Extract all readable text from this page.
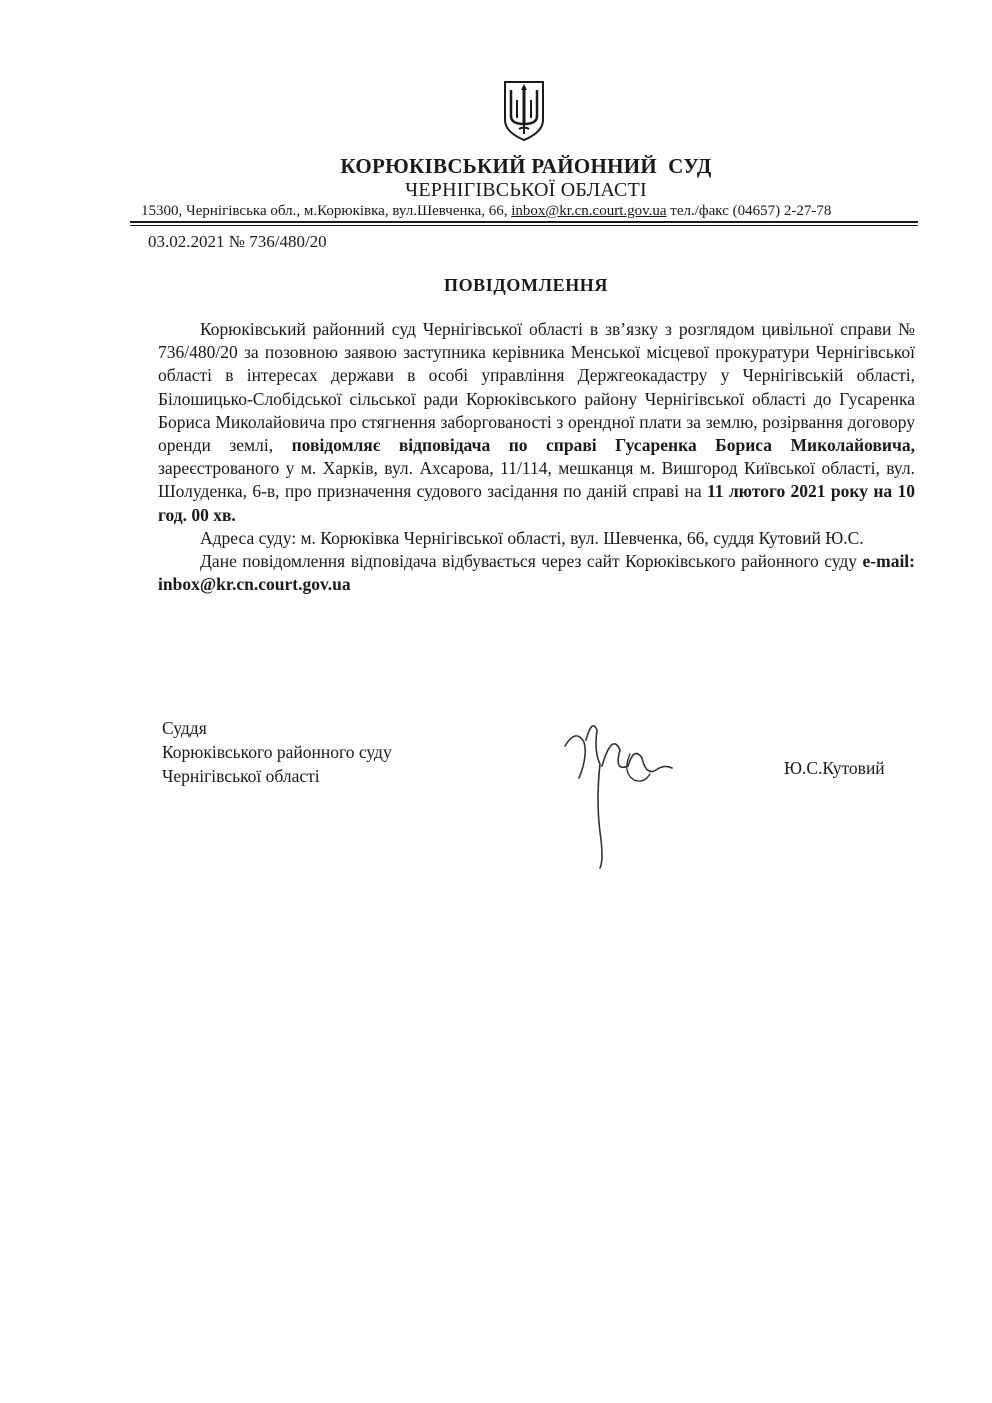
КОРЮКІВСЬКИЙ РАЙОННИЙ  СУД
ЧЕРНІГІВСЬКОЇ ОБЛАСТІ
15300, Чернігівська обл., м.Корюківка, вул.Шевченка, 66, inbox@kr.cn.court.gov.ua тел./факс (04657) 2-27-78
03.02.2021 № 736/480/20
ПОВІДОМЛЕННЯ

Корюківський районний суд Чернігівської області в зв’язку з розглядом цивільної справи № 736/480/20 за позовною заявою заступника керівника Менської місцевої прокуратури Чернігівської області в інтересах держави в особі управління Держгеокадастру у Чернігівській області, Білошицько-Слобідської сільської ради Корюківського району Чернігівської області до Гусаренка Бориса Миколайовича про стягнення заборгованості з орендної плати за землю, розірвання договору оренди землі, повідомляє відповідача по справі Гусаренка Бориса Миколайовича, зареєстрованого у м. Харків, вул. Ахсарова, 11/114, мешканця м. Вишгород Київської області, вул. Шолуденка, 6-в, про призначення судового засідання по даній справі на 11 лютого 2021 року на 10 год. 00 хв.

Адреса суду: м. Корюківка Чернігівської області, вул. Шевченка, 66, суддя Кутовий Ю.С.

Дане повідомлення відповідача відбувається через сайт Корюківського районного суду e-mail: inbox@kr.cn.court.gov.ua

Суддя
Корюківського районного суду
Чернігівської області	Ю.С.Кутовий
